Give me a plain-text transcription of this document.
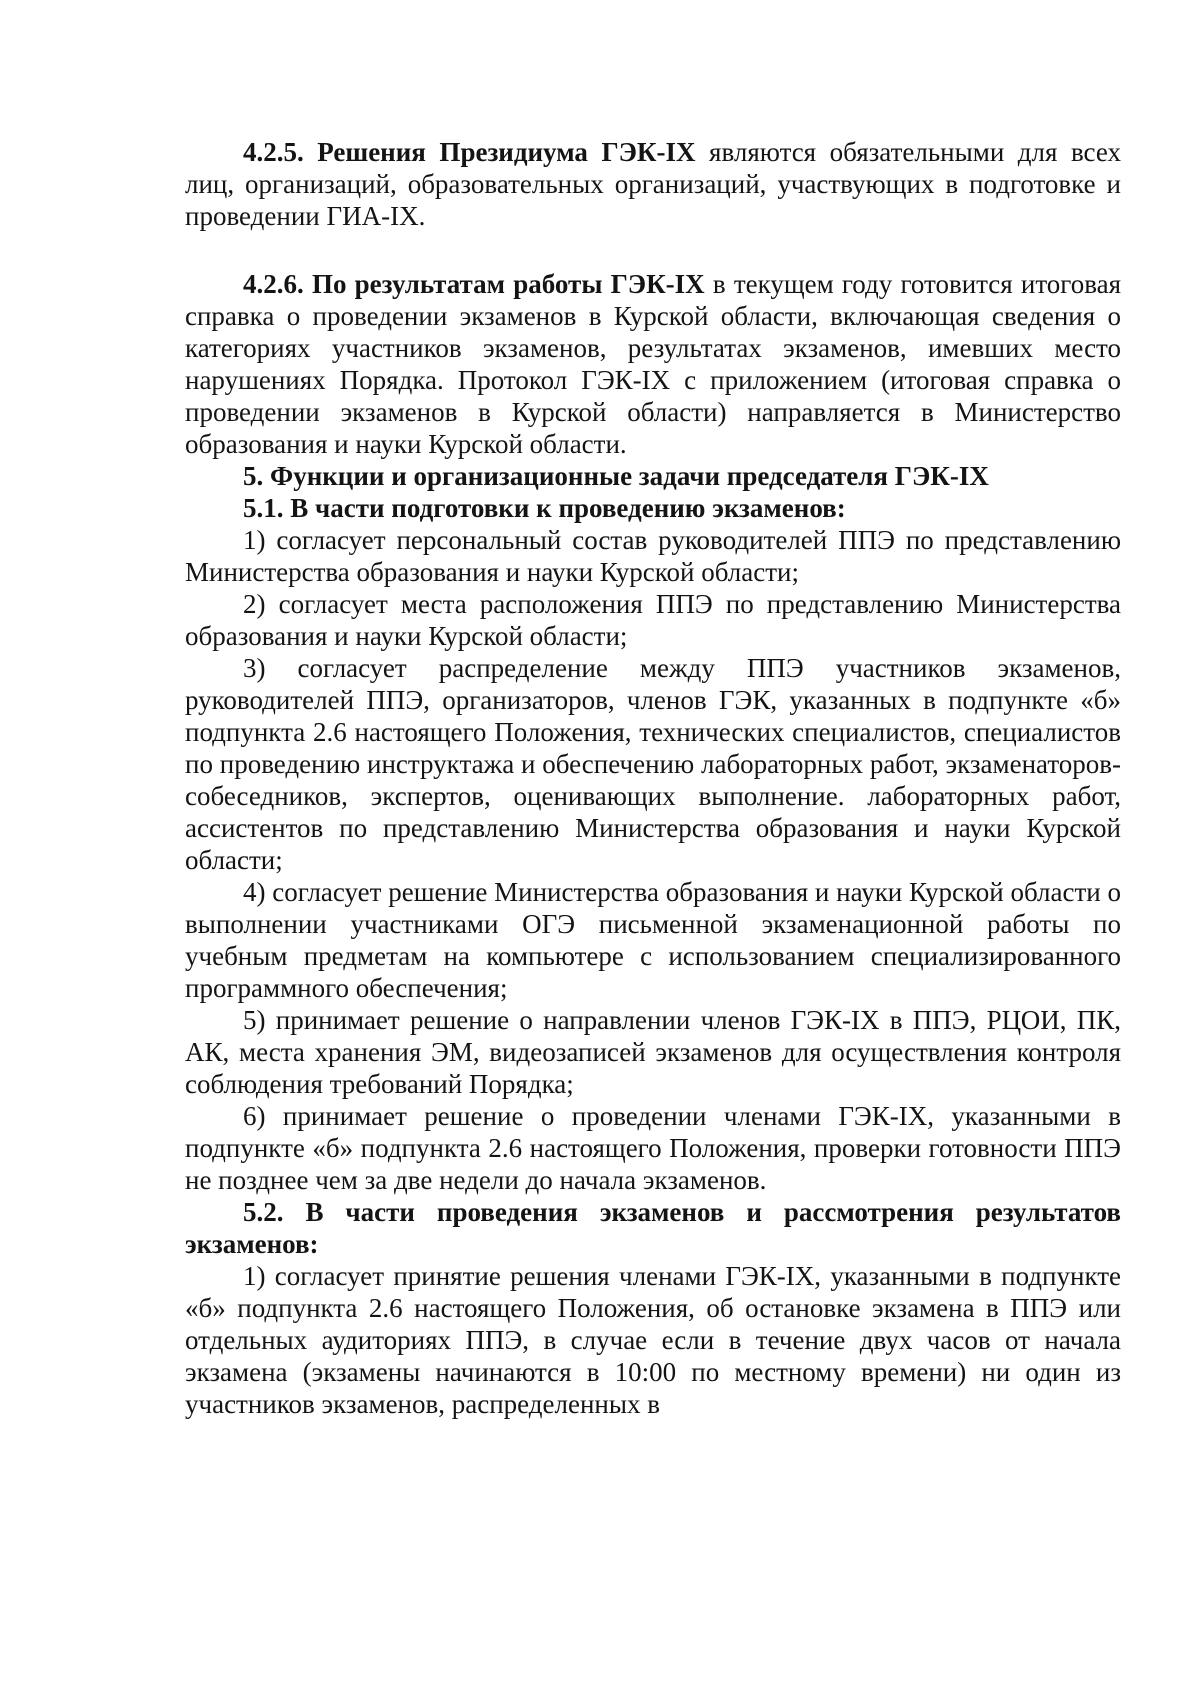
4.2.5. Решения Президиума ГЭК-IX являются обязательными для всех лиц, организаций, образовательных организаций, участвующих в подготовке и проведении ГИА-IX.

4.2.6. По результатам работы ГЭК-IX в текущем году готовится итоговая справка о проведении экзаменов в Курской области, включающая сведения о категориях участников экзаменов, результатах экзаменов, имевших место нарушениях Порядка. Протокол ГЭК-IX с приложением (итоговая справка о проведении экзаменов в Курской области) направляется в Министерство образования и науки Курской области.

5. Функции и организационные задачи председателя ГЭК-IX

5.1. В части подготовки к проведению экзаменов:

1) согласует персональный состав руководителей ППЭ по представлению Министерства образования и науки Курской области;

2) согласует места расположения ППЭ по представлению Министерства образования и науки Курской области;

3) согласует распределение между ППЭ участников экзаменов, руководителей ППЭ, организаторов, членов ГЭК, указанных в подпункте «б» подпункта 2.6 настоящего Положения, технических специалистов, специалистов по проведению инструктажа и обеспечению лабораторных работ, экзаменаторов-собеседников, экспертов, оценивающих выполнение. лабораторных работ, ассистентов по представлению Министерства образования и науки Курской области;

4) согласует решение Министерства образования и науки Курской области о выполнении участниками ОГЭ письменной экзаменационной работы по учебным предметам на компьютере с использованием специализированного программного обеспечения;

5) принимает решение о направлении членов ГЭК-IX в ППЭ, РЦОИ, ПК, АК, места хранения ЭМ, видеозаписей экзаменов для осуществления контроля соблюдения требований Порядка;

6) принимает решение о проведении членами ГЭК-IX, указанными в подпункте «б» подпункта 2.6 настоящего Положения, проверки готовности ППЭ не позднее чем за две недели до начала экзаменов.

5.2. В части проведения экзаменов и рассмотрения результатов экзаменов:

1) согласует принятие решения членами ГЭК-IX, указанными в подпункте «б» подпункта 2.6 настоящего Положения, об остановке экзамена в ППЭ или отдельных аудиториях ППЭ, в случае если в течение двух часов от начала экзамена (экзамены начинаются в 10:00 по местному времени) ни один из участников экзаменов, распределенных в
